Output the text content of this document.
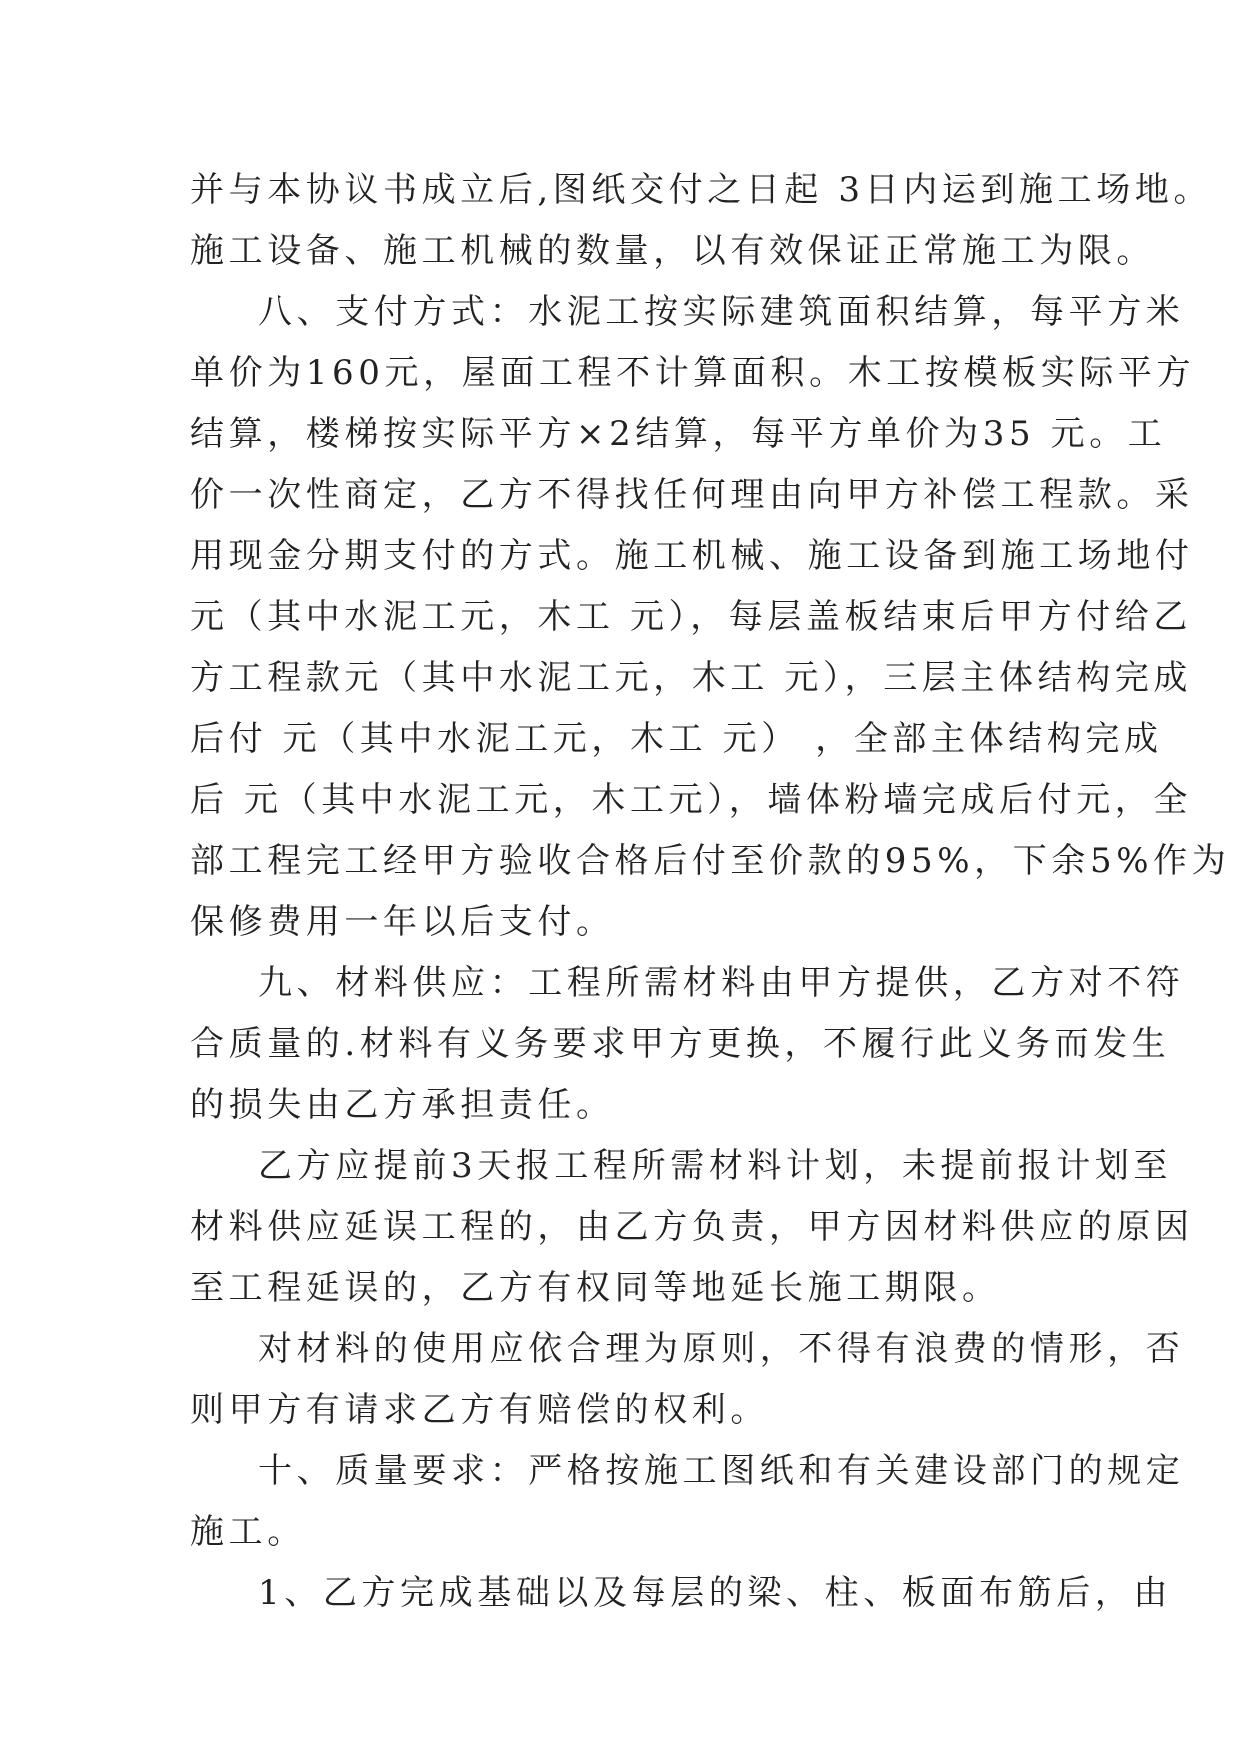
并与本协议书成立后,图纸交付之日起 3日内运到施工场地。
施工设备、施工机械的数量，以有效保证正常施工为限。
八、支付方式：水泥工按实际建筑面积结算，每平方米
单价为160元，屋面工程不计算面积。木工按模板实际平方
结算，楼梯按实际平方×2结算，每平方单价为35 元。工
价一次性商定，乙方不得找任何理由向甲方补偿工程款。采
用现金分期支付的方式。施工机械、施工设备到施工场地付
元（其中水泥工元，木工 元），每层盖板结束后甲方付给乙
方工程款元（其中水泥工元，木工 元），三层主体结构完成
后付 元（其中水泥工元，木工 元） ，全部主体结构完成
后 元（其中水泥工元，木工元），墙体粉墙完成后付元，全
部工程完工经甲方验收合格后付至价款的95%，下余5%作为
保修费用一年以后支付。
九、材料供应：工程所需材料由甲方提供，乙方对不符
合质量的.材料有义务要求甲方更换，不履行此义务而发生
的损失由乙方承担责任。
乙方应提前3天报工程所需材料计划，未提前报计划至
材料供应延误工程的，由乙方负责，甲方因材料供应的原因
至工程延误的，乙方有权同等地延长施工期限。
对材料的使用应依合理为原则，不得有浪费的情形，否
则甲方有请求乙方有赔偿的权利。
十、质量要求：严格按施工图纸和有关建设部门的规定
施工。
1、乙方完成基础以及每层的梁、柱、板面布筋后，由
